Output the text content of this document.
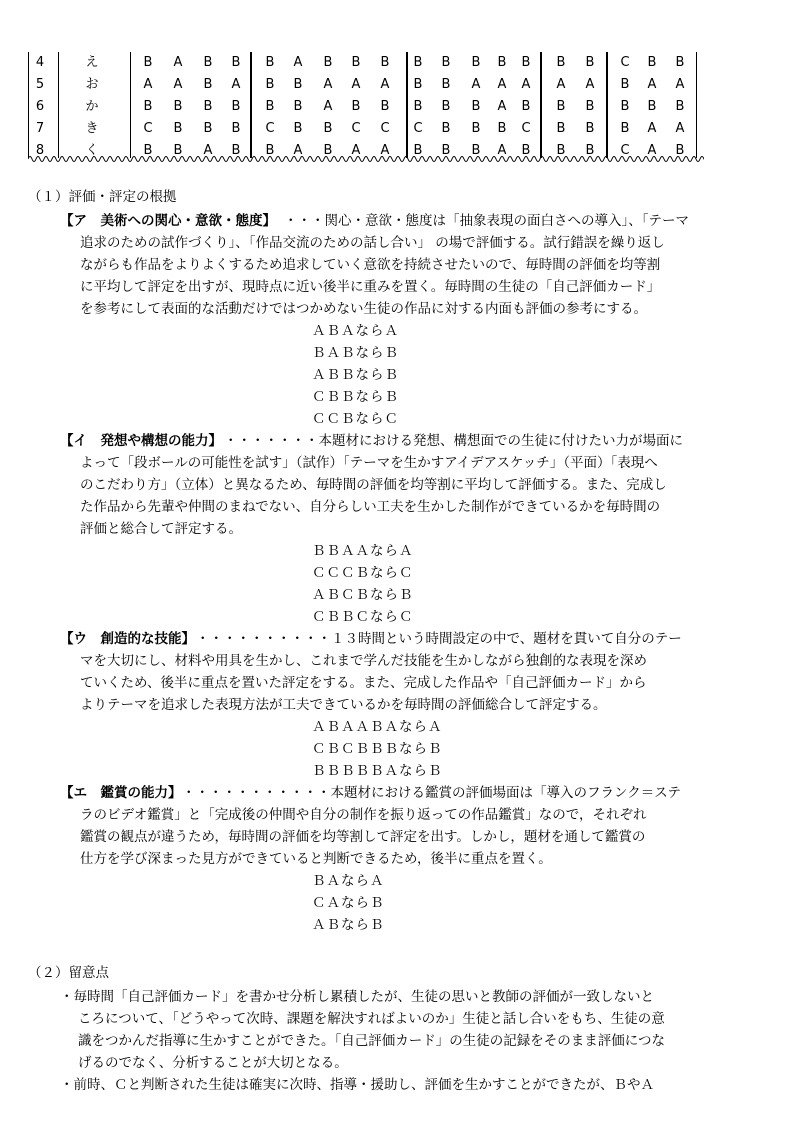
4	え	B	A	B	B	B	A	B	B	B	B	B	B	B	B	B	B	C	B	B
5	お	A	A	B	A	B	B	A	A	A	B	B	A	A	A	A	A	B	A	A
6	か	B	B	B	B	B	B	A	B	B	B	B	B	A	B	B	B	B	B	B
7	き	C	B	B	B	C	B	B	C	C	C	B	B	B	C	B	B	B	A	A
8	く	B	B	A	B	B	A	B	A	A	B	B	B	A	B	B	B	C	A	B
（１）評価・評定の根拠
（２）留意点
【ア　美術への関心・意欲・態度】 ・・・関心・意欲・態度は「抽象表現の面白さへの導入」、「テーマ
追求のための試作づくり」、「作品交流のための話し合い」 の場で評価する。試行錯誤を繰り返し
ながらも作品をよりよくするため追求していく意欲を持続させたいので、毎時間の評価を均等割
に平均して評定を出すが、現時点に近い後半に重みを置く。毎時間の生徒の「自己評価カード」
を参考にして表面的な活動だけではつかめない生徒の作品に対する内面も評価の参考にする。
ＡＢＡならＡ
ＢＡＢならＢ
ＡＢＢならＢ
ＣＢＢならＢ
ＣＣＢならＣ
【イ　発想や構想の能力】 ・・・・・・・本題材における発想、構想面での生徒に付けたい力が場面に
よって「段ボールの可能性を試す」（試作）「テーマを生かすアイデアスケッチ」（平面）「表現へ
のこだわり方」（立体）と異なるため、毎時間の評価を均等割に平均して評価する。また、完成し
た作品から先輩や仲間のまねでない、自分らしい工夫を生かした制作ができているかを毎時間の
評価と総合して評定する。
ＢＢＡＡならＡ
ＣＣＣＢならＣ
ＡＢＣＢならＢ
ＣＢＢＣならＣ
【ウ　創造的な技能】 ・・・・・・・・・・１３時間という時間設定の中で、題材を貫いて自分のテー
マを大切にし、材料や用具を生かし、これまで学んだ技能を生かしながら独創的な表現を深め
ていくため、後半に重点を置いた評定をする。また、完成した作品や「自己評価カード」から
よりテーマを追求した表現方法が工夫できているかを毎時間の評価総合して評定する。
ＡＢＡＡＢＡならＡ
ＣＢＣＢＢＢならＢ
ＢＢＢＢＢＡならＢ
【エ　鑑賞の能力】 ・・・・・・・・・・・本題材における鑑賞の評価場面は「導入のフランク＝ステ
ラのビデオ鑑賞」と「完成後の仲間や自分の制作を振り返っての作品鑑賞」なので，それぞれ
鑑賞の観点が違うため，毎時間の評価を均等割して評定を出す。しかし，題材を通して鑑賞の
仕方を学び深まった見方ができていると判断できるため，後半に重点を置く。
ＢＡならＡ
ＣＡならＢ
ＡＢならＢ
・毎時間「自己評価カード」を書かせ分析し累積したが、生徒の思いと教師の評価が一致しないと
ころについて、「どうやって次時、課題を解決すればよいのか」生徒と話し合いをもち、生徒の意
識をつかんだ指導に生かすことができた。「自己評価カード」の生徒の記録をそのまま評価につな
げるのでなく、分析することが大切となる。
・前時、Ｃと判断された生徒は確実に次時、指導・援助し、評価を生かすことができたが、ＢやＡ
